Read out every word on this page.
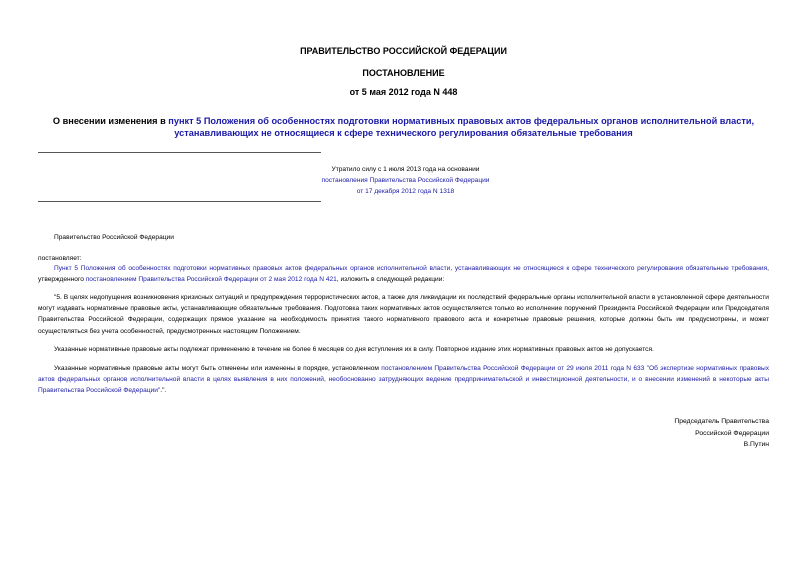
ПРАВИТЕЛЬСТВО РОССИЙСКОЙ ФЕДЕРАЦИИ
ПОСТАНОВЛЕНИЕ
от 5 мая 2012 года N 448
О внесении изменения в пункт 5 Положения об особенностях подготовки нормативных правовых актов федеральных органов исполнительной власти, устанавливающих не относящиеся к сфере технического регулирования обязательные требования
Утратило силу с 1 июля 2013 года на основании
постановления Правительства Российской Федерации
от 17 декабря 2012 года N 1318
Правительство Российской Федерации
постановляет:
Пункт 5 Положения об особенностях подготовки нормативных правовых актов федеральных органов исполнительной власти, устанавливающих не относящиеся к сфере технического регулирования обязательные требования, утвержденного постановлением Правительства Российской Федерации от 2 мая 2012 года N 421, изложить в следующей редакции:
"5. В целях недопущения возникновения кризисных ситуаций и предупреждения террористических актов, а также для ликвидации их последствий федеральные органы исполнительной власти в установленной сфере деятельности могут издавать нормативные правовые акты, устанавливающие обязательные требования. Подготовка таких нормативных актов осуществляется только во исполнение поручений Президента Российской Федерации или Председателя Правительства Российской Федерации, содержащих прямое указание на необходимость принятия такого нормативного правового акта и конкретные правовые решения, которые должны быть им предусмотрены, и может осуществляться без учета особенностей, предусмотренных настоящим Положением.
Указанные нормативные правовые акты подлежат применению в течение не более 6 месяцев со дня вступления их в силу. Повторное издание этих нормативных правовых актов не допускается.
Указанные нормативные правовые акты могут быть отменены или изменены в порядке, установленном постановлением Правительства Российской Федерации от 29 июля 2011 года N 633 "Об экспертизе нормативных правовых актов федеральных органов исполнительной власти в целях выявления в них положений, необоснованно затрудняющих ведение предпринимательской и инвестиционной деятельности, и о внесении изменений в некоторые акты Правительства Российской Федерации".".
Председатель Правительства
Российской Федерации
В.Путин
